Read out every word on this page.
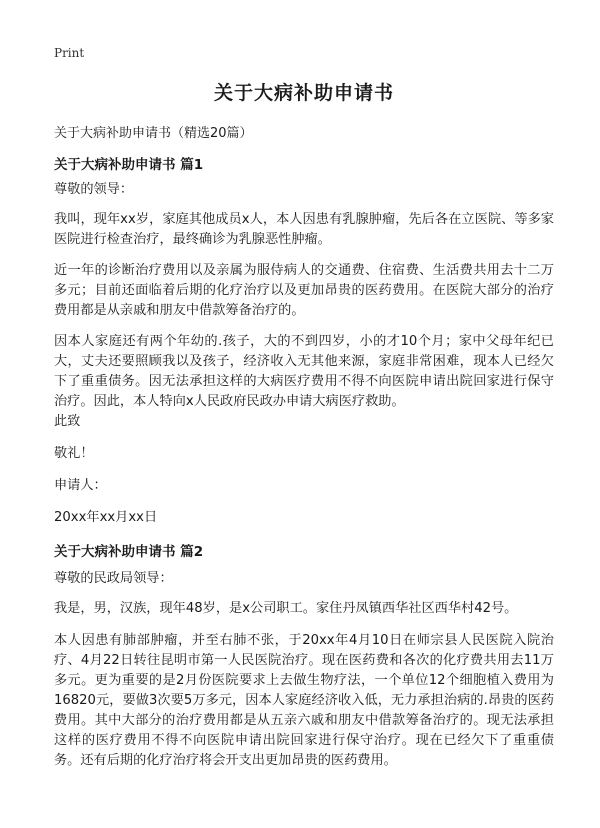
Print
关于大病补助申请书
关于大病补助申请书（精选20篇）
关于大病补助申请书 篇1
尊敬的领导：
我叫，现年xx岁，家庭其他成员x人，本人因患有乳腺肿瘤，先后各在立医院、等多家医院进行检查治疗，最终确诊为乳腺恶性肿瘤。
近一年的诊断治疗费用以及亲属为服侍病人的交通费、住宿费、生活费共用去十二万多元；目前还面临着后期的化疗治疗以及更加昂贵的医药费用。在医院大部分的治疗费用都是从亲戚和朋友中借款筹备治疗的。
因本人家庭还有两个年幼的.孩子，大的不到四岁，小的才10个月；家中父母年纪已大，丈夫还要照顾我以及孩子，经济收入无其他来源，家庭非常困难，现本人已经欠下了重重债务。因无法承担这样的大病医疗费用不得不向医院申请出院回家进行保守治疗。因此，本人特向x人民政府民政办申请大病医疗救助。
此致
敬礼！
申请人：
20xx年xx月xx日
关于大病补助申请书 篇2
尊敬的民政局领导：
我是，男，汉族，现年48岁，是x公司职工。家住丹凤镇西华社区西华村42号。
本人因患有肺部肿瘤，并至右肺不张，于20xx年4月10日在师宗县人民医院入院治疗、4月22日转往昆明市第一人民医院治疗。现在医药费和各次的化疗费共用去11万多元。更为重要的是2月份医院要求上去做生物疗法，一个单位12个细胞植入费用为16820元，要做3次要5万多元，因本人家庭经济收入低，无力承担治病的.昂贵的医药费用。其中大部分的治疗费用都是从五亲六戚和朋友中借款筹备治疗的。现无法承担这样的医疗费用不得不向医院申请出院回家进行保守治疗。现在已经欠下了重重债务。还有后期的化疗治疗将会开支出更加昂贵的医药费用。
